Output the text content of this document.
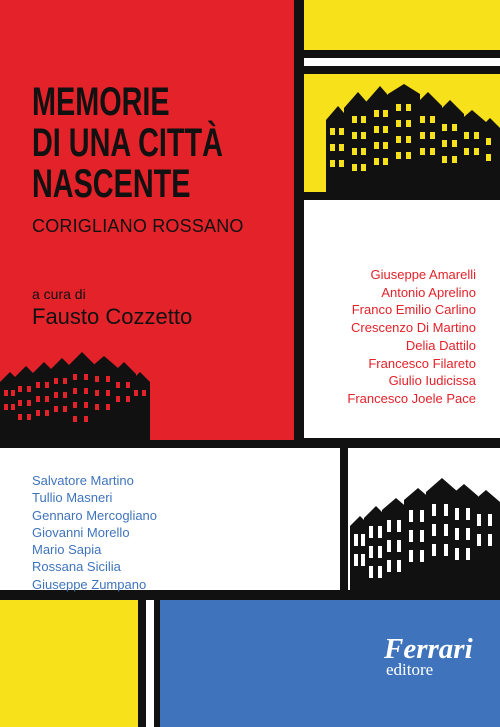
MEMORIE
DI UNA CITTÀ
NASCENTE
CORIGLIANO ROSSANO
a cura di
Fausto Cozzetto
Giuseppe Amarelli
Antonio Aprelino
Franco Emilio Carlino
Crescenzo Di Martino
Delia Dattilo
Francesco Filareto
Giulio Iudicissa
Francesco Joele Pace
Salvatore Martino
Tullio Masneri
Gennaro Mercogliano
Giovanni Morello
Mario Sapia
Rossana Sicilia
Giuseppe Zumpano
Ferrari
editore
